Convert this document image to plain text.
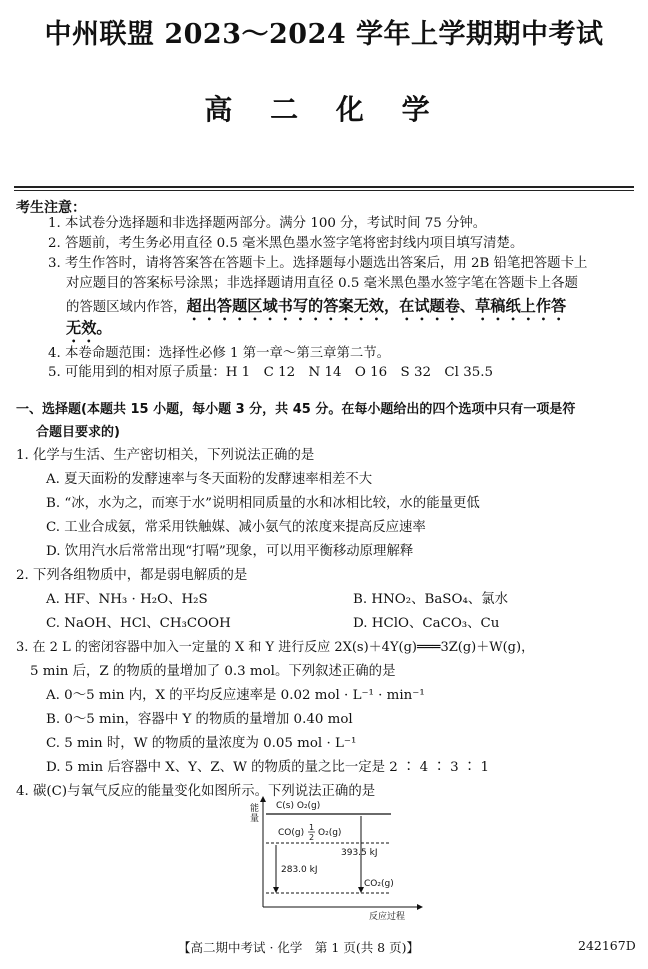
中州联盟 2023～2024 学年上学期期中考试
高 二 化 学
考生注意：
1. 本试卷分选择题和非选择题两部分。满分 100 分，考试时间 75 分钟。
2. 答题前，考生务必用直径 0.5 毫米黑色墨水签字笔将密封线内项目填写清楚。
3. 考生作答时，请将答案答在答题卡上。选择题每小题选出答案后，用 2B 铅笔把答题卡上
对应题目的答案标号涂黑；非选择题请用直径 0.5 毫米黑色墨水签字笔在答题卡上各题
的答题区域内作答，超出答题区域书写的答案无效，在试题卷、草稿纸上作答
无效。
4. 本卷命题范围：选择性必修 1 第一章～第三章第二节。
5. 可能用到的相对原子质量：H 1　C 12　N 14　O 16　S 32　Cl 35.5
一、选择题(本题共 15 小题，每小题 3 分，共 45 分。在每小题给出的四个选项中只有一项是符
合题目要求的)
1. 化学与生活、生产密切相关，下列说法正确的是
A. 夏天面粉的发酵速率与冬天面粉的发酵速率相差不大
B. “冰，水为之，而寒于水”说明相同质量的水和冰相比较，水的能量更低
C. 工业合成氨，常采用铁触媒、减小氨气的浓度来提高反应速率
D. 饮用汽水后常常出现“打嗝”现象，可以用平衡移动原理解释
2. 下列各组物质中，都是弱电解质的是
A. HF、NH₃ · H₂O、H₂S	B. HNO₂、BaSO₄、氯水
C. NaOH、HCl、CH₃COOH	D. HClO、CaCO₃、Cu
3. 在 2 L 的密闭容器中加入一定量的 X 和 Y 进行反应 2X(s)＋4Y(g)═══3Z(g)＋W(g)，
5 min 后，Z 的物质的量增加了 0.3 mol。下列叙述正确的是
A. 0～5 min 内，X 的平均反应速率是 0.02 mol · L⁻¹ · min⁻¹
B. 0～5 min，容器中 Y 的物质的量增加 0.40 mol
C. 5 min 时，W 的物质的量浓度为 0.05 mol · L⁻¹
D. 5 min 后容器中 X、Y、Z、W 的物质的量之比一定是 2 ∶ 4 ∶ 3 ∶ 1
4. 碳(C)与氧气反应的能量变化如图所示。下列说法正确的是
能 量
反应过程
C(s) O₂(g)
CO(g)
1
2 O₂(g)
CO₂(g)
283.0 kJ
393.5 kJ
【高二期中考试 · 化学　第 1 页(共 8 页)】	242167D
